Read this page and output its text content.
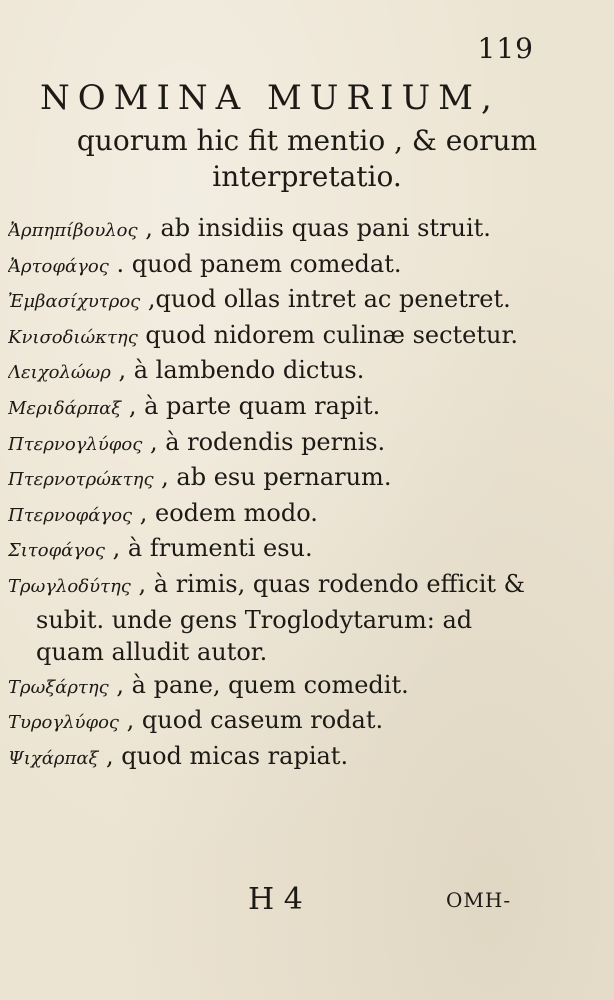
119
NOMINA MURIUM,
quorum hic fit mentio , & eorum
interpretatio.
Ἀρπηπίβουλος , ab insidiis quas pani struit.
Ἀρτοφάγος . quod panem comedat.
Ἐμβασίχυτρος ,quod ollas intret ac penetret.
Κνισοδιώκτης quod nidorem culinæ sectetur.
Λειχολώωρ , à lambendo dictus.
Μεριδάρπαξ , à parte quam rapit.
Πτερνογλύφος , à rodendis pernis.
Πτερνοτρώκτης , ab esu pernarum.
Πτερνοφάγος , eodem modo.
Σιτοφάγος , à frumenti esu.
Τρωγλοδύτης , à rimis, quas rodendo efficit &
subit. unde gens Troglodytarum: ad
quam alludit autor.
Τρωξάρτης , à pane, quem comedit.
Τυρογλύφος , quod caseum rodat.
Ψιχάρπαξ , quod micas rapiat.
H 4	ΟΜΗ-
